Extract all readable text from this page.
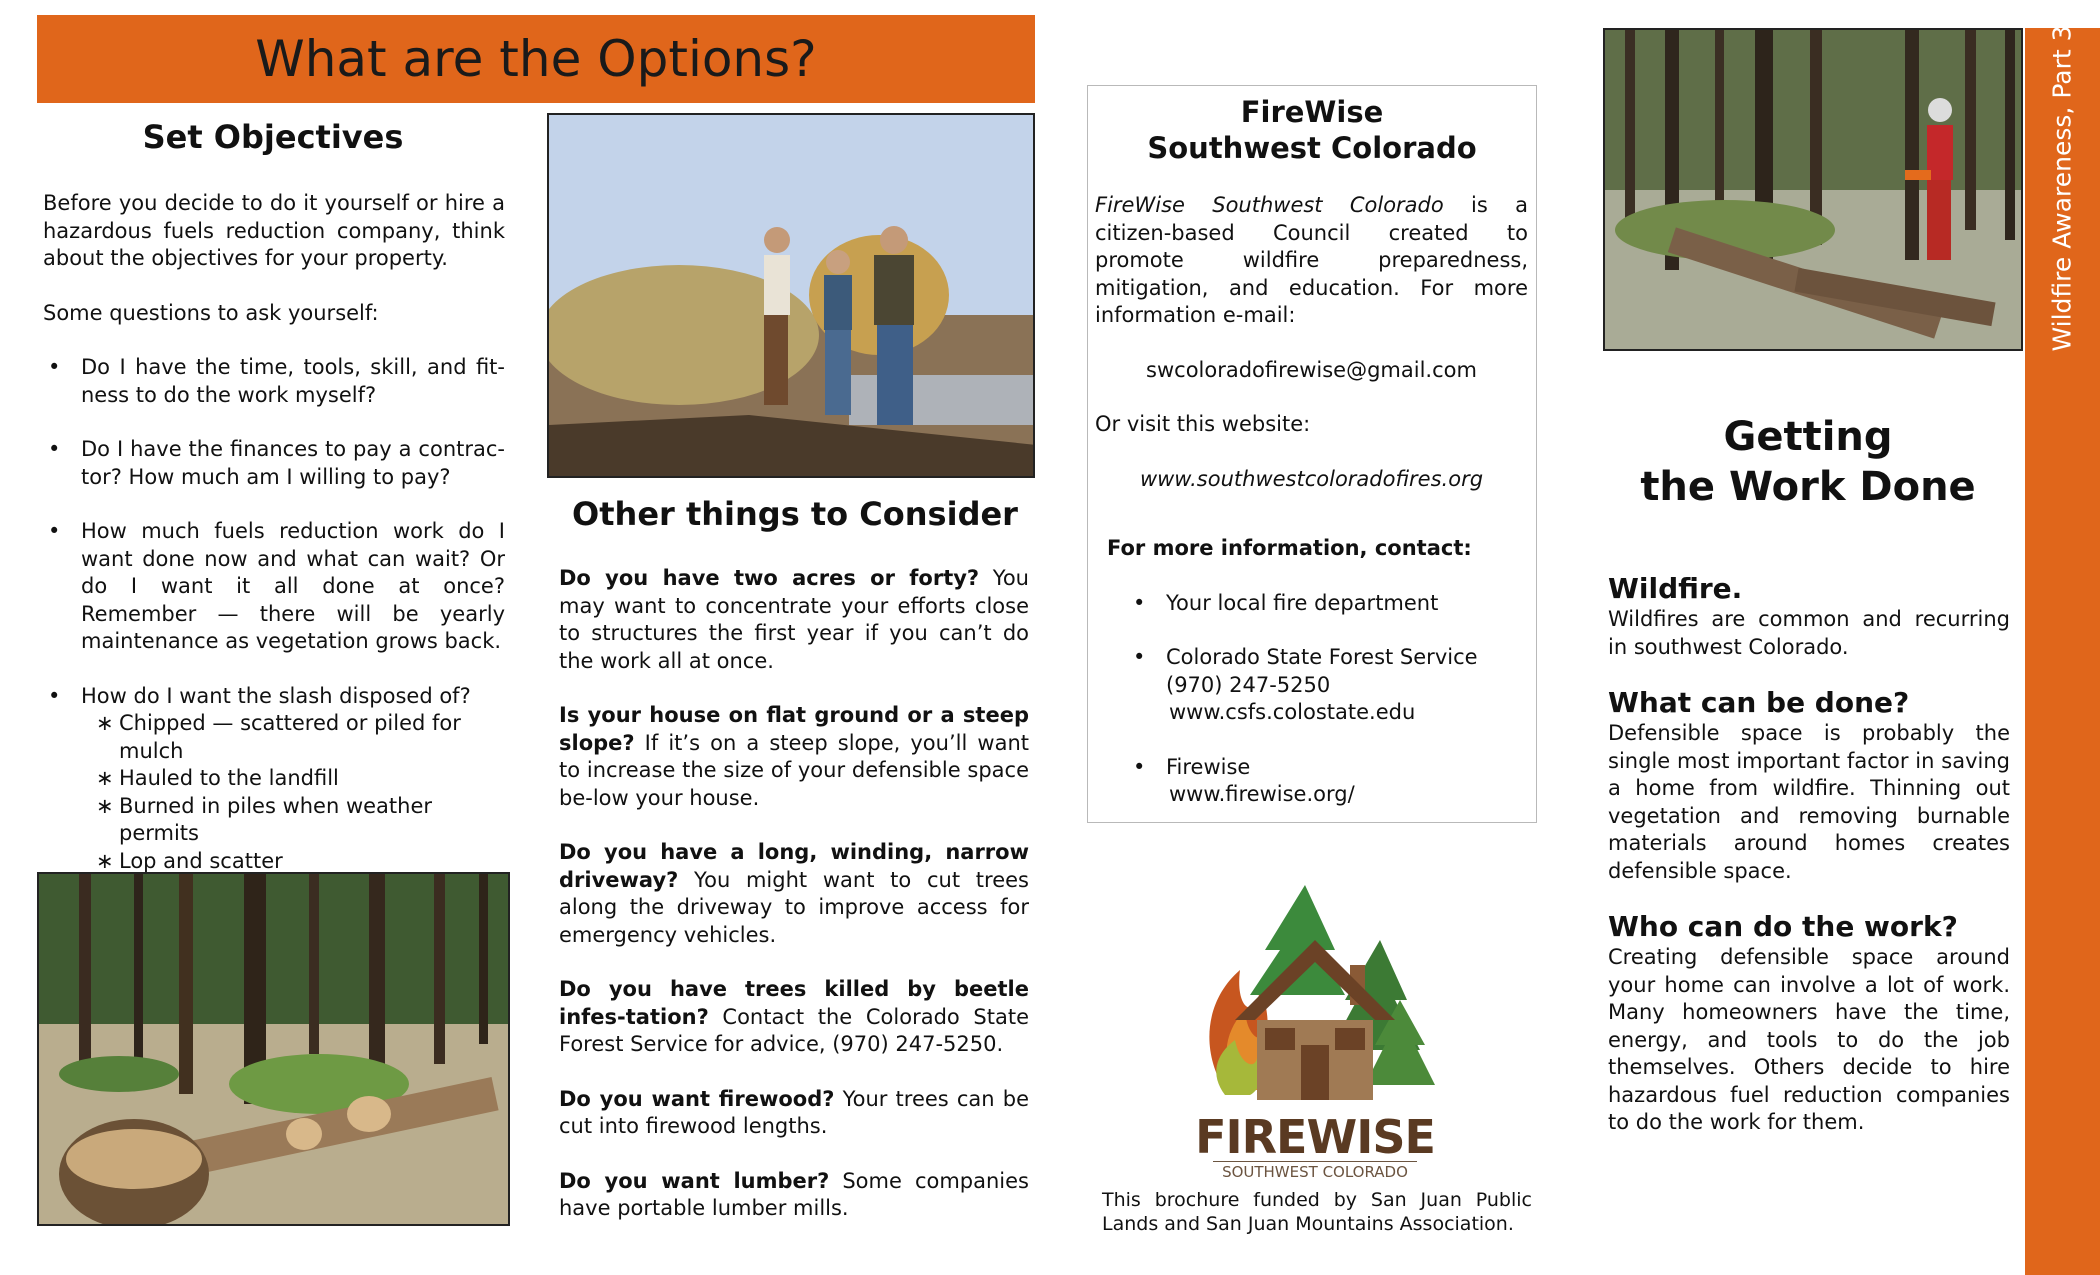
What are the Options?
Set Objectives

Before you decide to do it yourself or hire a hazardous fuels reduction company, think about the objectives for your property.

Some questions to ask yourself:

• Do I have the time, tools, skill, and fit-ness to do the work myself?
• Do I have the finances to pay a contrac-tor? How much am I willing to pay?
• How much fuels reduction work do I want done now and what can wait? Or do I want it all done at once? Remember — there will be yearly maintenance as vegetation grows back.
• How do I want the slash disposed of?
∗ Chipped — scattered or piled for mulch
∗ Hauled to the landfill
∗ Burned in piles when weather permits
∗ Lop and scatter
Other things to Consider

Do you have two acres or forty? You may want to concentrate your efforts close to structures the first year if you can’t do the work all at once.

Is your house on flat ground or a steep slope? If it’s on a steep slope, you’ll want to increase the size of your defensible space be-low your house.

Do you have a long, winding, narrow driveway? You might want to cut trees along the driveway to improve access for emergency vehicles.

Do you have trees killed by beetle infes-tation? Contact the Colorado State Forest Service for advice, (970) 247-5250.

Do you want firewood? Your trees can be cut into firewood lengths.

Do you want lumber? Some companies have portable lumber mills.

FireWise
Southwest Colorado

FireWise Southwest Colorado is a citizen-based Council created to promote wildfire preparedness, mitigation, and education. For more information e-mail:

swcoloradofirewise@gmail.com

Or visit this website:

www.southwestcoloradofires.org

For more information, contact:

• Your local fire department
• Colorado State Forest Service
(970) 247-5250
www.csfs.colostate.edu
• Firewise
www.firewise.org/
FIREWISE
SOUTHWEST COLORADO
This brochure funded by San Juan Public Lands and San Juan Mountains Association.
Getting
the Work Done
Wildfire.

Wildfires are common and recurring in southwest Colorado.

What can be done?

Defensible space is probably the single most important factor in saving a home from wildfire. Thinning out vegetation and removing burnable materials around homes creates defensible space.

Who can do the work?

Creating defensible space around your home can involve a lot of work. Many homeowners have the time, energy, and tools to do the job themselves. Others decide to hire hazardous fuel reduction companies to do the work for them.

Wildfire Awareness, Part 3
